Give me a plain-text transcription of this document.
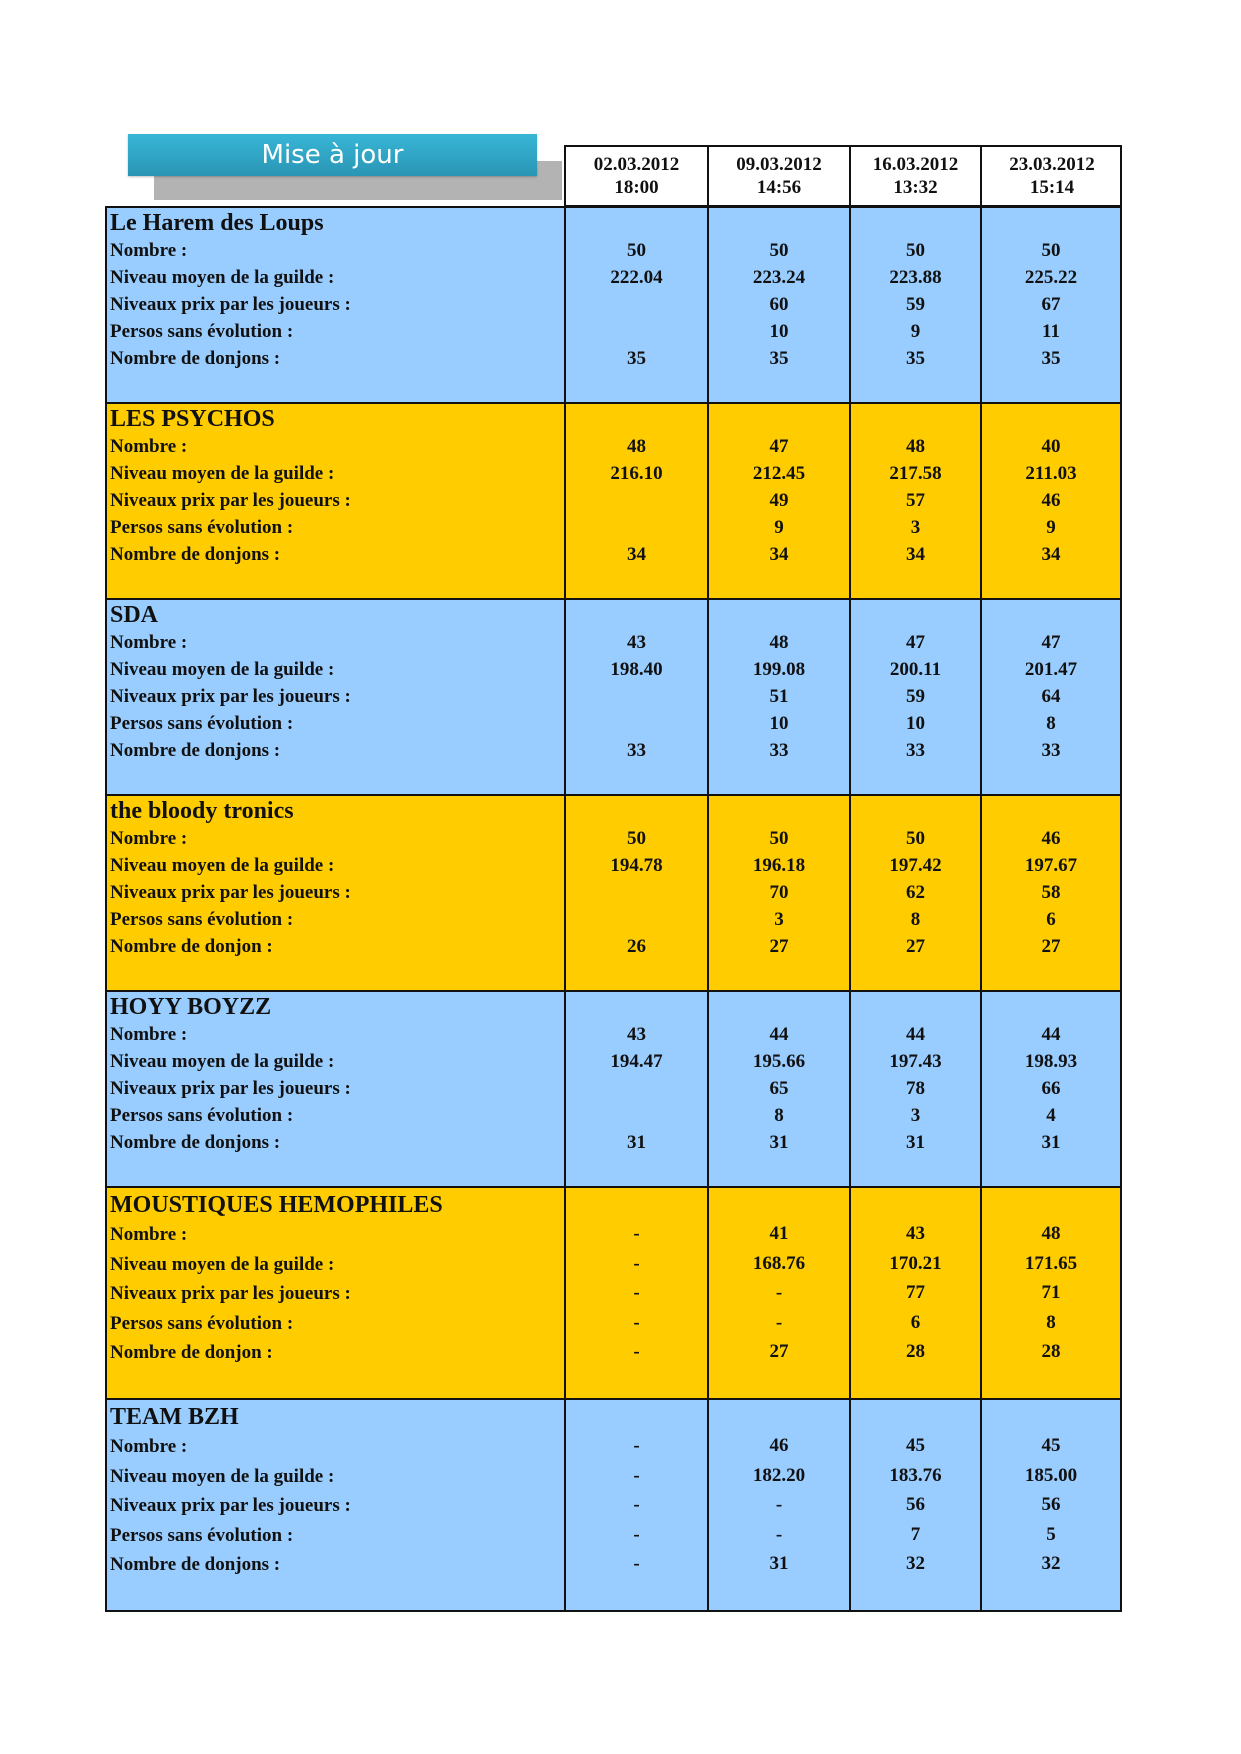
Mise à jour	02.03.2012
18:00
09.03.2012
14:56
16.03.2012
13:32
23.03.2012
15:14
Le Harem des Loups
Nombre :
Niveau moyen de la guilde :
Niveaux prix par les joueurs :
Persos sans évolution :
Nombre de donjons :
50
222.04
35
50
223.24
60
10
35
50
223.88
59
9
35
50
225.22
67
11
35
LES PSYCHOS
Nombre :
Niveau moyen de la guilde :
Niveaux prix par les joueurs :
Persos sans évolution :
Nombre de donjons :
48
216.10
34
47
212.45
49
9
34
48
217.58
57
3
34
40
211.03
46
9
34
SDA
Nombre :
Niveau moyen de la guilde :
Niveaux prix par les joueurs :
Persos sans évolution :
Nombre de donjons :
43
198.40
33
48
199.08
51
10
33
47
200.11
59
10
33
47
201.47
64
8
33
the bloody tronics
Nombre :
Niveau moyen de la guilde :
Niveaux prix par les joueurs :
Persos sans évolution :
Nombre de donjon :
50
194.78
26
50
196.18
70
3
27
50
197.42
62
8
27
46
197.67
58
6
27
HOYY BOYZZ
Nombre :
Niveau moyen de la guilde :
Niveaux prix par les joueurs :
Persos sans évolution :
Nombre de donjons :
43
194.47
31
44
195.66
65
8
31
44
197.43
78
3
31
44
198.93
66
4
31
MOUSTIQUES HEMOPHILES
Nombre :
Niveau moyen de la guilde :
Niveaux prix par les joueurs :
Persos sans évolution :
Nombre de donjon :
-
-
-
-
-
41
168.76
-
-
27
43
170.21
77
6
28
48
171.65
71
8
28
TEAM BZH
Nombre :
Niveau moyen de la guilde :
Niveaux prix par les joueurs :
Persos sans évolution :
Nombre de donjons :
-
-
-
-
-
46
182.20
-
-
31
45
183.76
56
7
32
45
185.00
56
5
32
